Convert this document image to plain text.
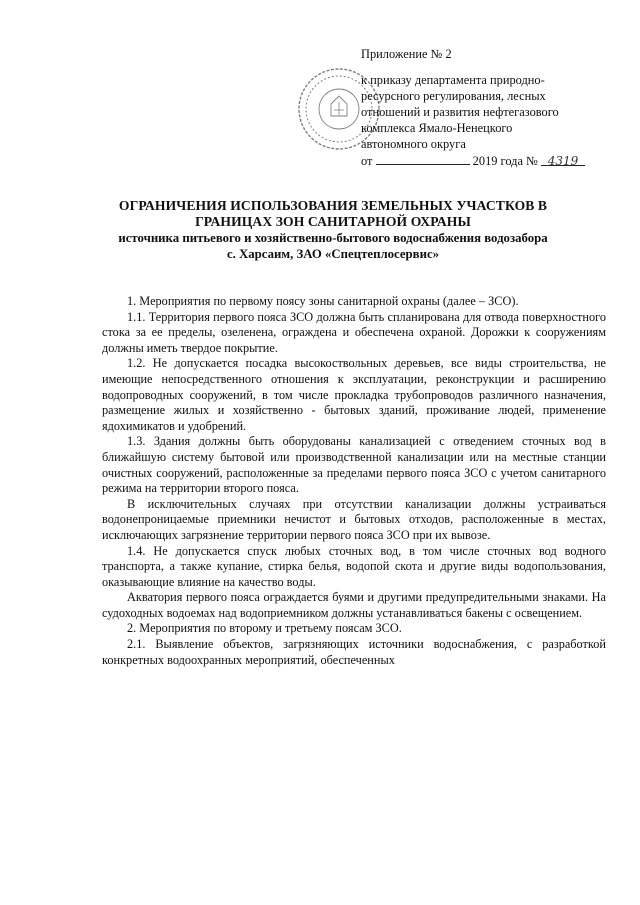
Приложение № 2
к приказу департамента природно-
ресурсного регулирования, лесных
отношений и развития нефтегазового
комплекса Ямало-Ненецкого
автономного округа
от	2019 года № 4319
ОГРАНИЧЕНИЯ ИСПОЛЬЗОВАНИЯ ЗЕМЕЛЬНЫХ УЧАСТКОВ В
ГРАНИЦАХ ЗОН САНИТАРНОЙ ОХРАНЫ
источника питьевого и хозяйственно-бытового водоснабжения водозабора
с. Харсаим, ЗАО «Спецтеплосервис»

1. Мероприятия по первому поясу зоны санитарной охраны (далее – ЗСО).

1.1. Территория первого пояса ЗСО должна быть спланирована для отвода поверхностного стока за ее пределы, озеленена, ограждена и обеспечена охраной. Дорожки к сооружениям должны иметь твердое покрытие.

1.2. Не допускается посадка высокоствольных деревьев, все виды строительства, не имеющие непосредственного отношения к эксплуатации, реконструкции и расширению водопроводных сооружений, в том числе прокладка трубопроводов различного назначения, размещение жилых и хозяйственно - бытовых зданий, проживание людей, применение ядохимикатов и удобрений.

1.3. Здания должны быть оборудованы канализацией с отведением сточных вод в ближайшую систему бытовой или производственной канализации или на местные станции очистных сооружений, расположенные за пределами первого пояса ЗСО с учетом санитарного режима на территории второго пояса.

В исключительных случаях при отсутствии канализации должны устраиваться водонепроницаемые приемники нечистот и бытовых отходов, расположенные в местах, исключающих загрязнение территории первого пояса ЗСО при их вывозе.

1.4. Не допускается спуск любых сточных вод, в том числе сточных вод водного транспорта, а также купание, стирка белья, водопой скота и другие виды водопользования, оказывающие влияние на качество воды.

Акватория первого пояса ограждается буями и другими предупредительными знаками. На судоходных водоемах над водоприемником должны устанавливаться бакены с освещением.

2. Мероприятия по второму и третьему поясам ЗСО.

2.1. Выявление объектов, загрязняющих источники водоснабжения, с разработкой конкретных водоохранных мероприятий, обеспеченных
